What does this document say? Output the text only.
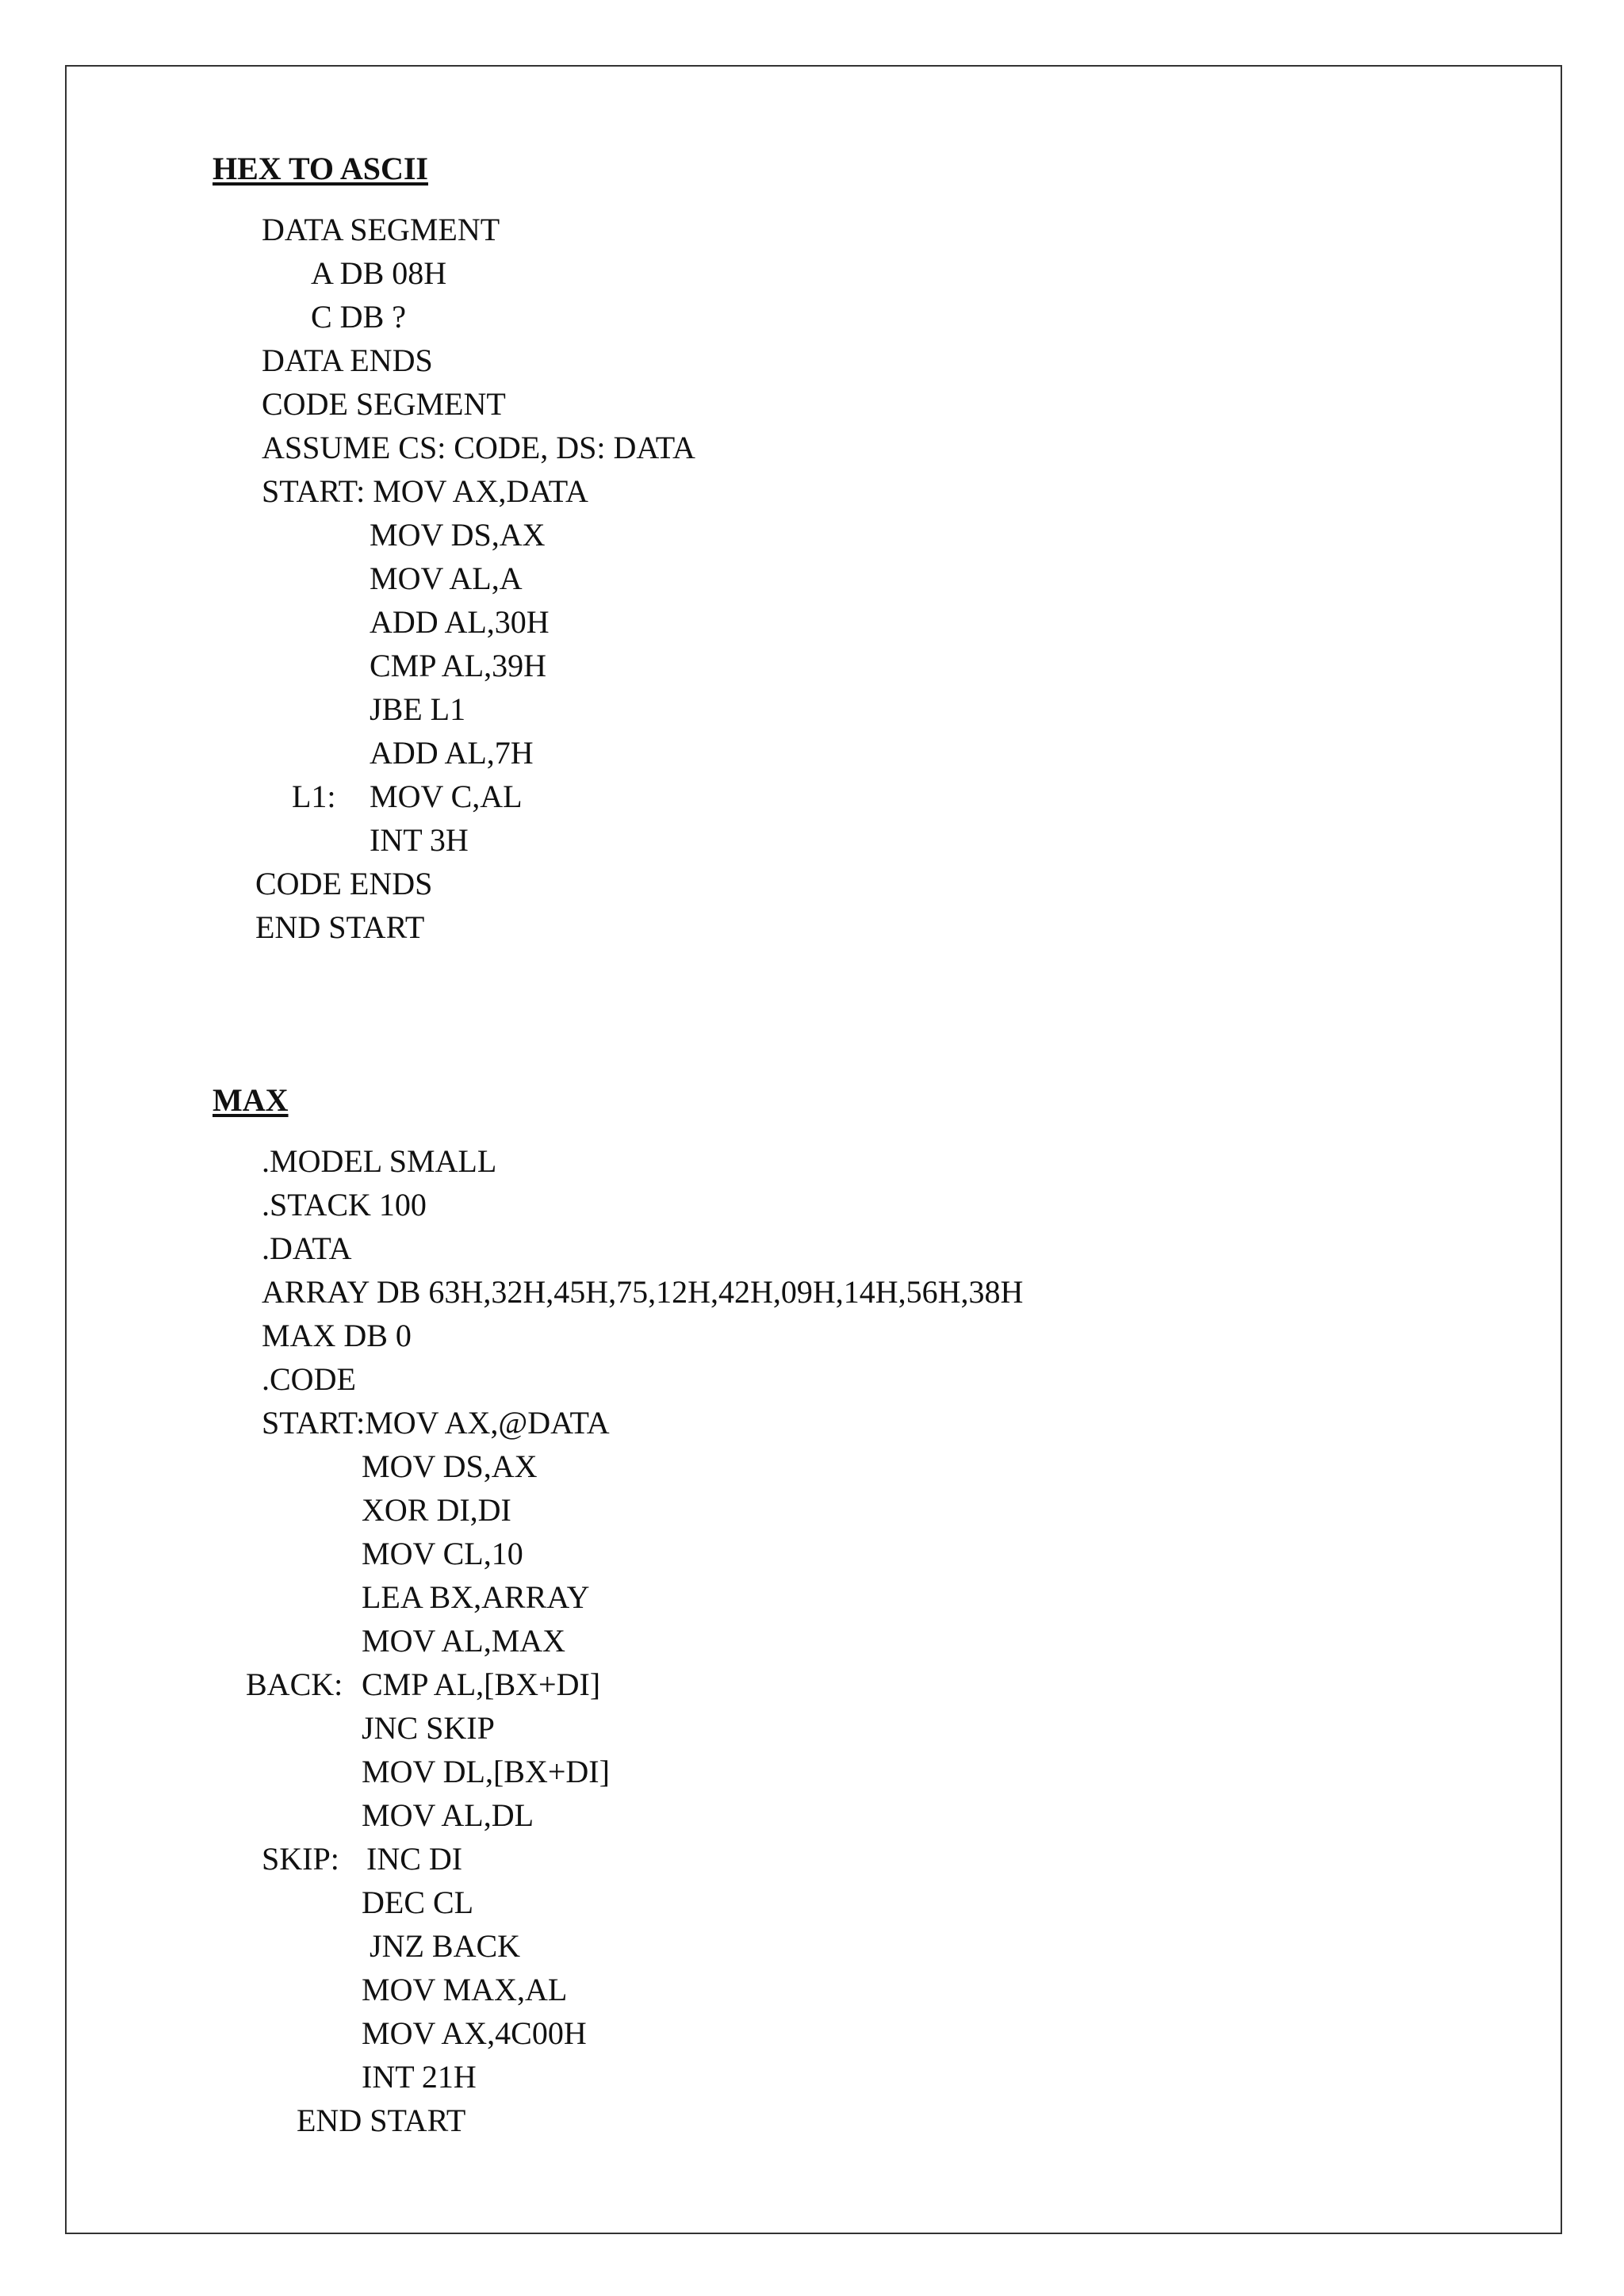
HEX TO ASCII
DATA SEGMENT
A DB 08H
C DB ?
DATA ENDS
CODE SEGMENT
ASSUME CS: CODE, DS: DATA
START: MOV AX,DATA
MOV DS,AX
MOV AL,A
ADD AL,30H
CMP AL,39H
JBE L1
ADD AL,7H
L1: MOV C,AL
INT 3H
CODE ENDS
END START
MAX
.MODEL SMALL
.STACK 100
.DATA
ARRAY DB 63H,32H,45H,75,12H,42H,09H,14H,56H,38H
MAX DB 0
.CODE
START:MOV AX,@DATA
MOV DS,AX
XOR DI,DI
MOV CL,10
LEA BX,ARRAY
MOV AL,MAX
BACK: CMP AL,[BX+DI]
JNC SKIP
MOV DL,[BX+DI]
MOV AL,DL
SKIP: INC DI
DEC CL
JNZ BACK
MOV MAX,AL
MOV AX,4C00H
INT 21H
END START
